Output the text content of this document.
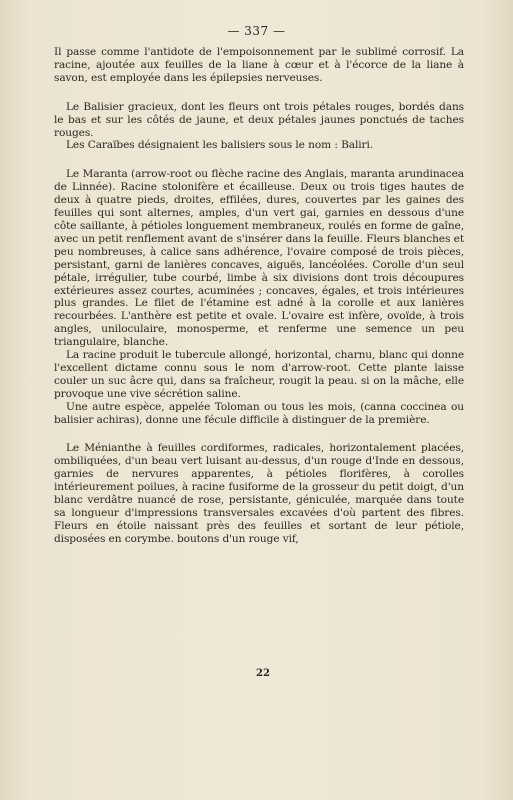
— 337 —

Il passe comme l'antidote de l'empoisonnement par le sublimé corrosif. La racine, ajoutée aux feuilles de la liane à cœur et à l'écorce de la liane à savon, est employée dans les épilepsies nerveuses.

Le Balisier gracieux, dont les fleurs ont trois pétales rouges, bordés dans le bas et sur les côtés de jaune, et deux pétales jaunes ponctués de taches rouges.

Les Caraïbes désignaient les balisiers sous le nom : Baliri.

Le Maranta (arrow-root ou flèche racine des Anglais, maranta arundinacea de Linnée). Racine stolonifère et écailleuse. Deux ou trois tiges hautes de deux à quatre pieds, droites, effilées, dures, couvertes par les gaines des feuilles qui sont alternes, amples, d'un vert gai, garnies en dessous d'une côte saillante, à pétioles longuement membraneux, roulés en forme de gaîne, avec un petit renflement avant de s'insérer dans la feuille. Fleurs blanches et peu nombreuses, à calice sans adhérence, l'ovaire composé de trois pièces, persistant, garni de lanières concaves, aiguës, lancéolées. Corolle d'un seul pétale, irrégulier, tube courbé, limbe à six divisions dont trois découpures extérieures assez courtes, acuminées ; concaves, égales, et trois intérieures plus grandes. Le filet de l'étamine est adné à la corolle et aux lanières recourbées. L'anthère est petite et ovale. L'ovaire est infère, ovoïde, à trois angles, uniloculaire, monosperme, et renferme une semence un peu triangulaire, blanche.

La racine produit le tubercule allongé, horizontal, charnu, blanc qui donne l'excellent dictame connu sous le nom d'arrow-root. Cette plante laisse couler un suc âcre qui, dans sa fraîcheur, rougit la peau. si on la mâche, elle provoque une vive sécrétion saline.

Une autre espèce, appelée Toloman ou tous les mois, (canna coccinea ou balisier achiras), donne une fécule difficile à distinguer de la première.

Le Ménianthe à feuilles cordiformes, radicales, horizontalement placées, ombiliquées, d'un beau vert luisant au-dessus, d'un rouge d'Inde en dessous, garnies de nervures apparentes, à pétioles florifères, à corolles intérieurement poilues, à racine fusiforme de la grosseur du petit doigt, d'un blanc verdâtre nuancé de rose, persistante, géniculée, marquée dans toute sa longueur d'impressions transversales excavées d'où partent des fibres. Fleurs en étoile naissant près des feuilles et sortant de leur pétiole, disposées en corymbe. boutons d'un rouge vif,

22
